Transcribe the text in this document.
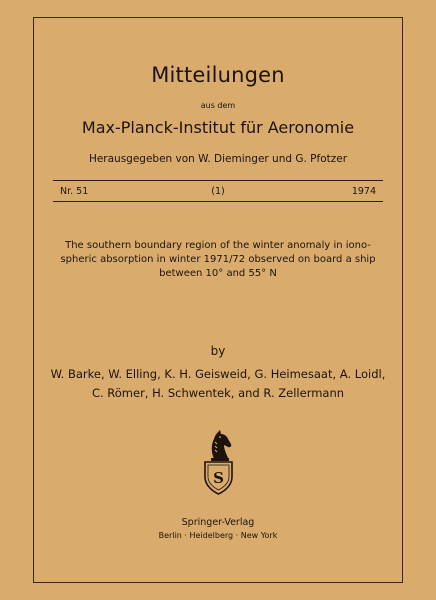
Mitteilungen
aus dem
Max-Planck-Institut für Aeronomie
Herausgegeben von W. Dieminger und G. Pfotzer
Nr. 51	(1)	1974
The southern boundary region of the winter anomaly in iono-
spheric absorption in winter 1971/72 observed on board a ship
between 10° and 55° N
by
W. Barke, W. Elling, K. H. Geisweid, G. Heimesaat, A. Loidl,
C. Römer, H. Schwentek, and R. Zellermann
S
Springer-Verlag
Berlin · Heidelberg · New York
